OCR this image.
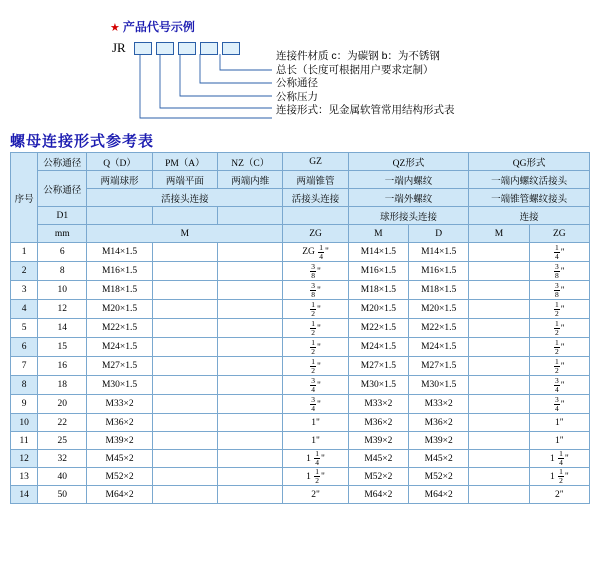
★ 产品代号示例
JR
连接件材质 c：为碳钢 b：为不锈钢
总长（长度可根据用户要求定制）
公称通径
公称压力
连接形式：见金属软管常用结构形式表
螺母连接形式参考表
序号	公称通径	Q（D）	PM（A）	NZ（C）	GZ	QZ形式		QG形式	
	公称通径	两端球形	两端平面	两端内维	两端锥管	一端内螺纹		一端内螺纹活接头	
		活接头连接			活接头连接	一端外螺纹		一端锥管螺纹接头	
	D1					球形接头连接		连接	
	mm	M			ZG	M	D	M	ZG
1	6	M14×1.5			ZG $\frac{1}{4}$ "	M14×1.5	M14×1.5		$\frac{1}{4}$ "
2	8	M16×1.5			$\frac{3}{8}$ "	M16×1.5	M16×1.5		$\frac{3}{8}$ "
3	10	M18×1.5			$\frac{3}{8}$ "	M18×1.5	M18×1.5		$\frac{3}{8}$ "
4	12	M20×1.5			$\frac{1}{2}$ "	M20×1.5	M20×1.5		$\frac{1}{2}$ "
5	14	M22×1.5			$\frac{1}{2}$ "	M22×1.5	M22×1.5		$\frac{1}{2}$ "
6	15	M24×1.5			$\frac{1}{2}$ "	M24×1.5	M24×1.5		$\frac{1}{2}$ "
7	16	M27×1.5			$\frac{1}{2}$ "	M27×1.5	M27×1.5		$\frac{1}{2}$ "
8	18	M30×1.5			$\frac{3}{4}$ "	M30×1.5	M30×1.5		$\frac{3}{4}$ "
9	20	M33×2			$\frac{3}{4}$ "	M33×2	M33×2		$\frac{3}{4}$ "
10	22	M36×2			1"	M36×2	M36×2		1"
11	25	M39×2			1"	M39×2	M39×2		1"
12	32	M45×2			$1 \frac{1}{4}$ "	M45×2	M45×2		$1 \frac{1}{4}$ "
13	40	M52×2			$1 \frac{1}{2}$ "	M52×2	M52×2		$1 \frac{1}{2}$ "
14	50	M64×2			2"	M64×2	M64×2		2"
